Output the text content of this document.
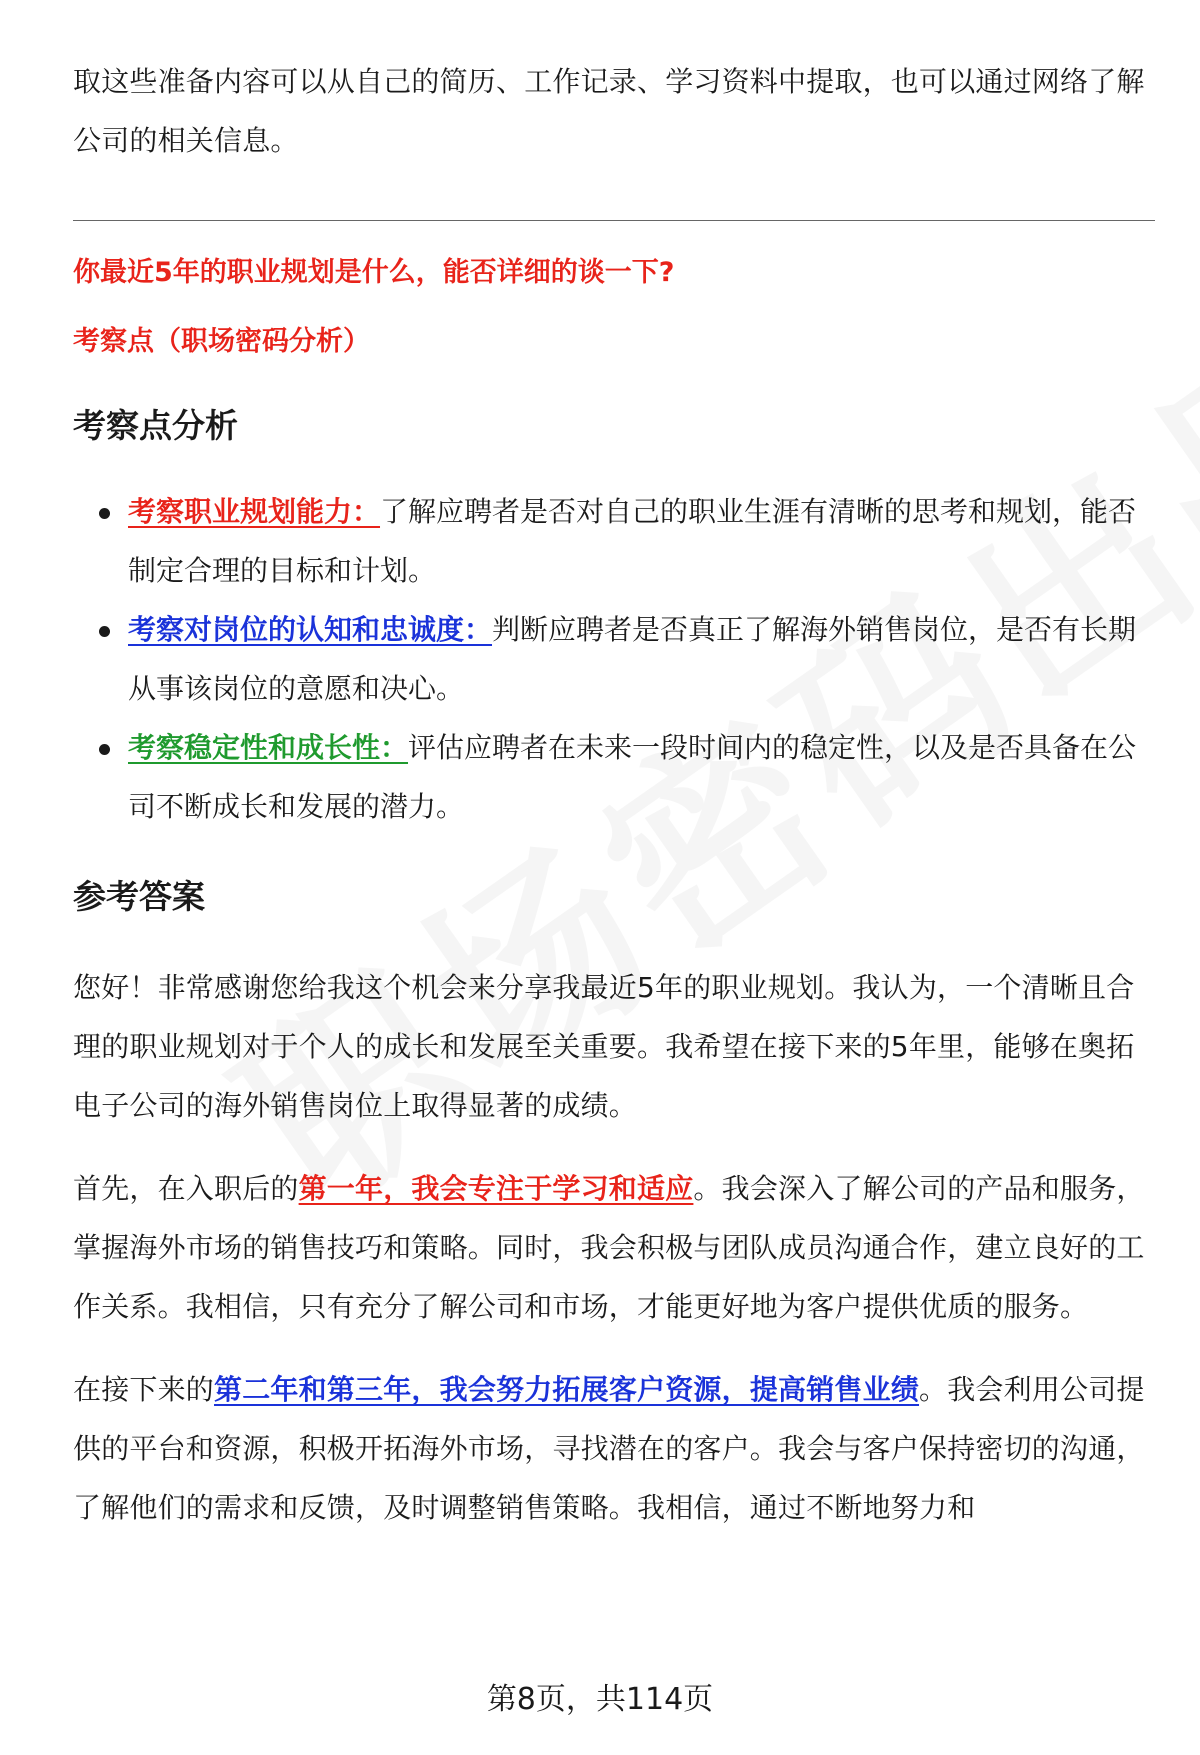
取这些准备内容可以从自己的简历、工作记录、学习资料中提取，也可以通过网络了解公司的相关信息。

你最近5年的职业规划是什么，能否详细的谈一下?

考察点（职场密码分析）

考察点分析
考察职业规划能力：了解应聘者是否对自己的职业生涯有清晰的思考和规划，能否制定合理的目标和计划。
考察对岗位的认知和忠诚度：判断应聘者是否真正了解海外销售岗位，是否有长期从事该岗位的意愿和决心。
考察稳定性和成长性：评估应聘者在未来一段时间内的稳定性，以及是否具备在公司不断成长和发展的潜力。
参考答案

您好！非常感谢您给我这个机会来分享我最近5年的职业规划。我认为，一个清晰且合理的职业规划对于个人的成长和发展至关重要。我希望在接下来的5年里，能够在奥拓电子公司的海外销售岗位上取得显著的成绩。

首先，在入职后的第一年，我会专注于学习和适应。我会深入了解公司的产品和服务，掌握海外市场的销售技巧和策略。同时，我会积极与团队成员沟通合作，建立良好的工作关系。我相信，只有充分了解公司和市场，才能更好地为客户提供优质的服务。

在接下来的第二年和第三年，我会努力拓展客户资源，提高销售业绩。我会利用公司提供的平台和资源，积极开拓海外市场，寻找潜在的客户。我会与客户保持密切的沟通，了解他们的需求和反馈，及时调整销售策略。我相信，通过不断地努力和

第8页，共114页
